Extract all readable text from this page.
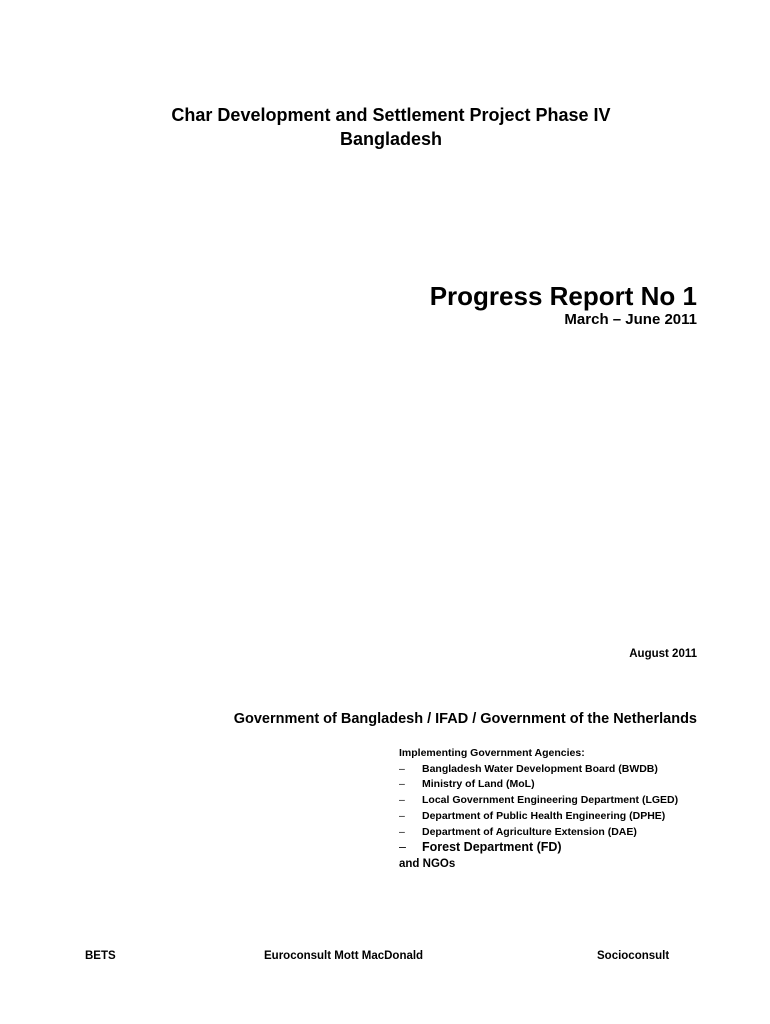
Char Development and Settlement Project Phase IV
Bangladesh
Progress Report No 1
March – June 2011
August 2011
Government of Bangladesh / IFAD / Government of the Netherlands
Implementing Government Agencies:
– Bangladesh Water Development Board (BWDB)
– Ministry of Land (MoL)
– Local Government Engineering Department (LGED)
– Department of Public Health Engineering (DPHE)
– Department of Agriculture Extension (DAE)
– Forest Department (FD)
and NGOs
BETS	Euroconsult Mott MacDonald	Socioconsult
